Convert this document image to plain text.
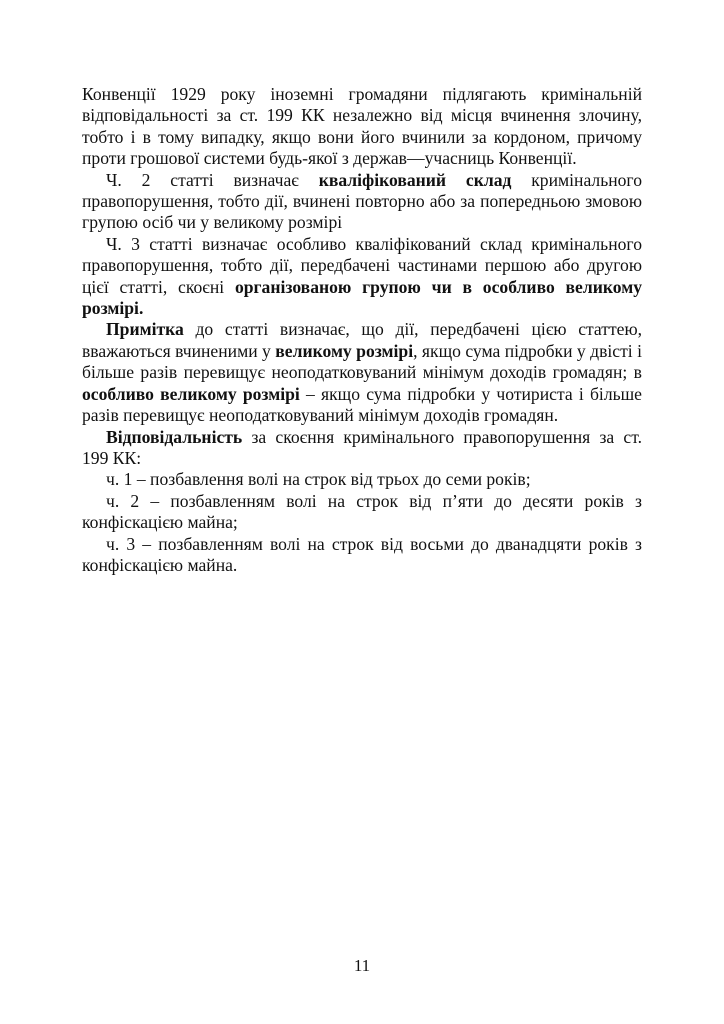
Конвенції 1929 року іноземні громадяни підлягають кримінальній відповідальності за ст. 199 КК незалежно від місця вчинення злочину, тобто і в тому випадку, якщо вони його вчинили за кордоном, причому проти грошової системи будь-якої з держав—учасниць Конвенції.

Ч. 2 статті визначає кваліфікований склад кримінального правопорушення, тобто дії, вчинені повторно або за попередньою змовою групою осіб чи у великому розмірі

Ч. 3 статті визначає особливо кваліфікований склад кримінального правопорушення, тобто дії, передбачені частинами першою або другою цієї статті, скоєні організованою групою чи в особливо великому розмірі.

Примітка до статті визначає, що дії, передбачені цією статтею, вважаються вчиненими у великому розмірі, якщо сума підробки у двісті і більше разів перевищує неоподатковуваний мінімум доходів громадян; в особливо великому розмірі – якщо сума підробки у чотириста і більше разів перевищує неоподатковуваний мінімум доходів громадян.

Відповідальність за скоєння кримінального правопорушення за ст. 199 КК:

ч. 1 – позбавлення волі на строк від трьох до семи років;

ч. 2 – позбавленням волі на строк від п’яти до десяти років з конфіскацією майна;

ч. 3 – позбавленням волі на строк від восьми до дванадцяти років з конфіскацією майна.

11
